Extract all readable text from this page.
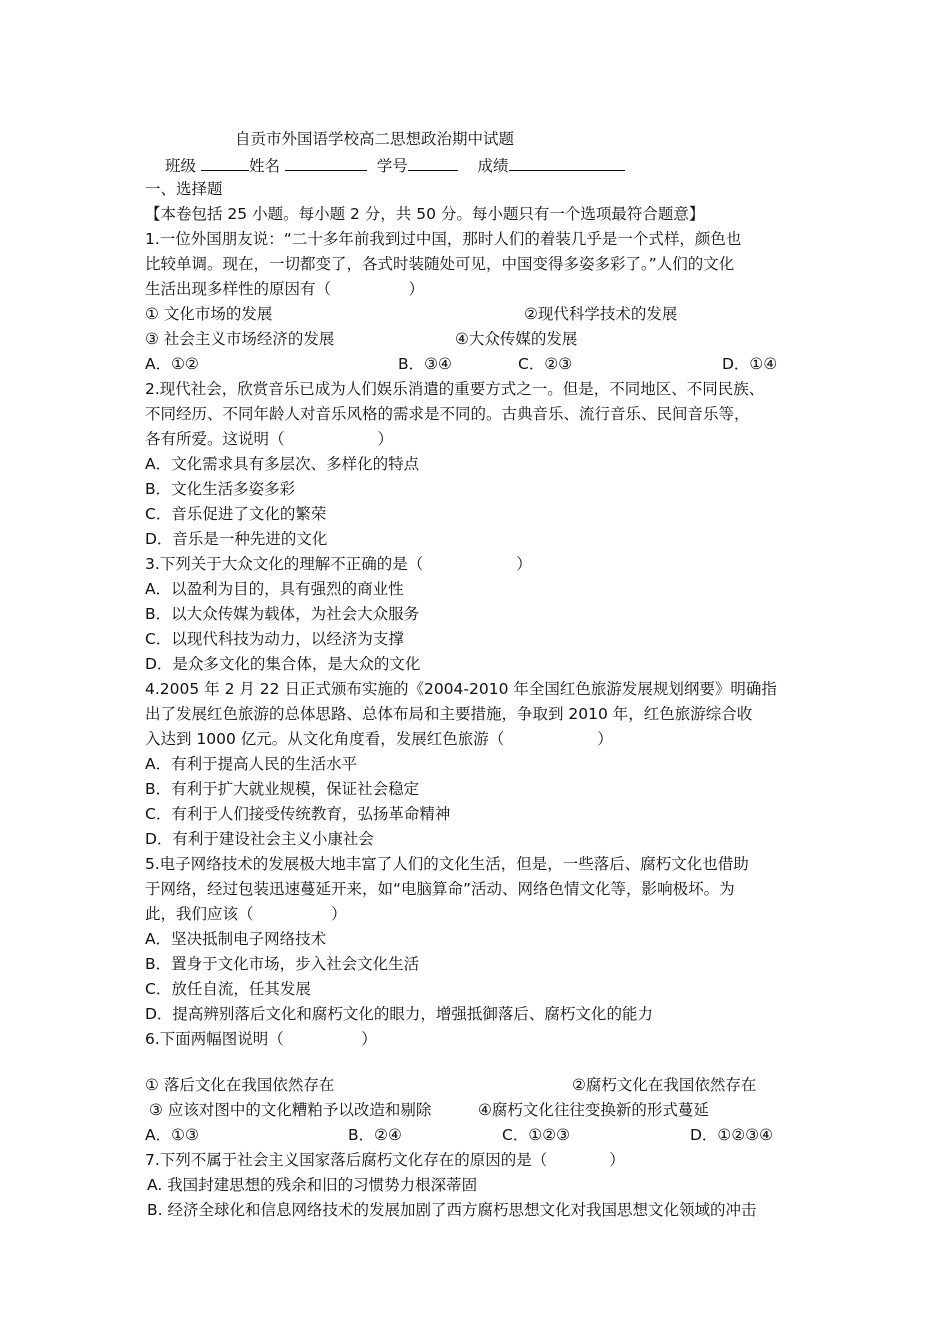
自贡市外国语学校高二思想政治期中试题
班级	姓名	学号	成绩
一、选择题
【本卷包括 25 小题。每小题 2 分，共 50 分。每小题只有一个选项最符合题意】
1.一位外国朋友说：“二十多年前我到过中国，那时人们的着装几乎是一个式样，颜色也
比较单调。现在，一切都变了，各式时装随处可见，中国变得多姿多彩了。”人们的文化
生活出现多样性的原因有（　　　　　）
① 文化市场的发展	②现代科学技术的发展
③ 社会主义市场经济的发展	④大众传媒的发展
A．①②	B．③④	C．②③	D．①④
2.现代社会，欣赏音乐已成为人们娱乐消遣的重要方式之一。但是，不同地区、不同民族、
不同经历、不同年龄人对音乐风格的需求是不同的。古典音乐、流行音乐、民间音乐等，
各有所爱。这说明（　　　　　　）
A．文化需求具有多层次、多样化的特点
B．文化生活多姿多彩
C．音乐促进了文化的繁荣
D．音乐是一种先进的文化
3.下列关于大众文化的理解不正确的是（　　　　　　）
A．以盈利为目的，具有强烈的商业性
B．以大众传媒为载体，为社会大众服务
C．以现代科技为动力，以经济为支撑
D．是众多文化的集合体，是大众的文化
4.2005 年 2 月 22 日正式颁布实施的《2004-2010 年全国红色旅游发展规划纲要》明确指
出了发展红色旅游的总体思路、总体布局和主要措施，争取到 2010 年，红色旅游综合收
入达到 1000 亿元。从文化角度看，发展红色旅游（　　　　　　）
A．有利于提高人民的生活水平
B．有利于扩大就业规模，保证社会稳定
C．有利于人们接受传统教育，弘扬革命精神
D．有利于建设社会主义小康社会
5.电子网络技术的发展极大地丰富了人们的文化生活，但是，一些落后、腐朽文化也借助
于网络，经过包装迅速蔓延开来，如“电脑算命”活动、网络色情文化等，影响极坏。为
此，我们应该（　　　　　）
A．坚决抵制电子网络技术
B．置身于文化市场，步入社会文化生活
C．放任自流，任其发展
D．提高辨别落后文化和腐朽文化的眼力，增强抵御落后、腐朽文化的能力
6.下面两幅图说明（　　　　　）
① 落后文化在我国依然存在	②腐朽文化在我国依然存在
③ 应该对图中的文化糟粕予以改造和剔除	④腐朽文化往往变换新的形式蔓延
A．①③	B．②④	C．①②③	D．①②③④
7.下列不属于社会主义国家落后腐朽文化存在的原因的是（　　　　）
A. 我国封建思想的残余和旧的习惯势力根深蒂固
B. 经济全球化和信息网络技术的发展加剧了西方腐朽思想文化对我国思想文化领域的冲击
